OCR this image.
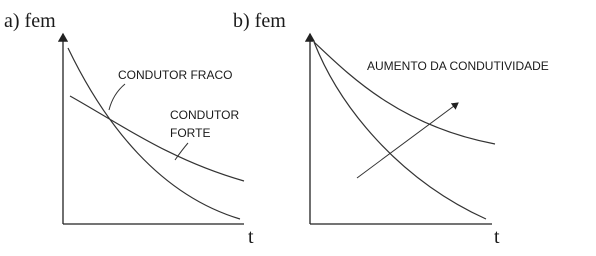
a) fem
t
CONDUTOR FRACO
CONDUTOR
FORTE
b) fem
t
AUMENTO DA CONDUTIVIDADE
